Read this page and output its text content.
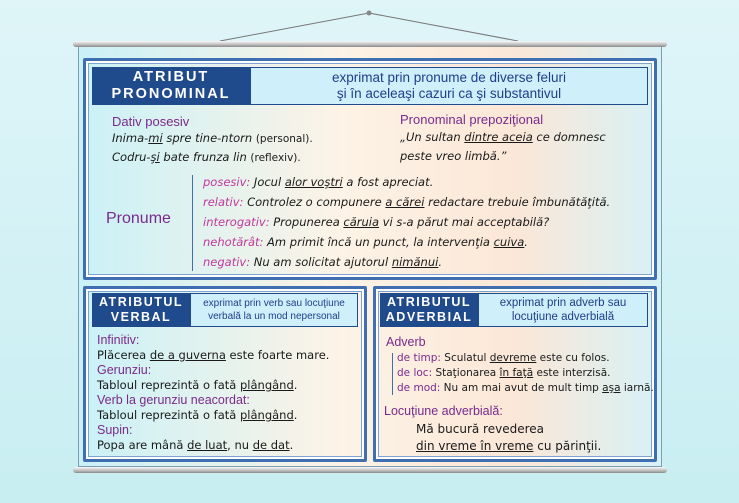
ATRIBUT
PRONOMINAL
exprimat prin pronume de diverse feluri
şi în aceleaşi cazuri ca şi substantivul
Dativ posesiv
Inima-mi spre tine-ntorn (personal).
Codru-şi bate frunza lin (reflexiv).
Pronominal prepoziţional
„Un sultan dintre aceia ce domnesc
peste vreo limbă.”
Pronume
posesiv: Jocul alor voştri a fost apreciat.
relativ: Controlez o compunere a cărei redactare trebuie îmbunătăţită.
interogativ: Propunerea căruia vi s-a părut mai acceptabilă?
nehotărât: Am primit încă un punct, la intervenţia cuiva.
negativ: Nu am solicitat ajutorul nimănui.
ATRIBUTUL
VERBAL
exprimat prin verb sau locuţiune
verbală la un mod nepersonal
Infinitiv:
Plăcerea de a guverna este foarte mare.
Gerunziu:
Tabloul reprezintă o fată plângând.
Verb la gerunziu neacordat:
Tabloul reprezintă o fată plângând.
Supin:
Popa are mână de luat, nu de dat.
ATRIBUTUL
ADVERBIAL
exprimat prin adverb sau
locuţiune adverbială
Adverb
de timp: Sculatul devreme este cu folos.
de loc: Staţionarea în faţă este interzisă.
de mod: Nu am mai avut de mult timp aşa iarnă.
Locuţiune adverbială:
Mă bucură revederea
din vreme în vreme cu părinţii.
